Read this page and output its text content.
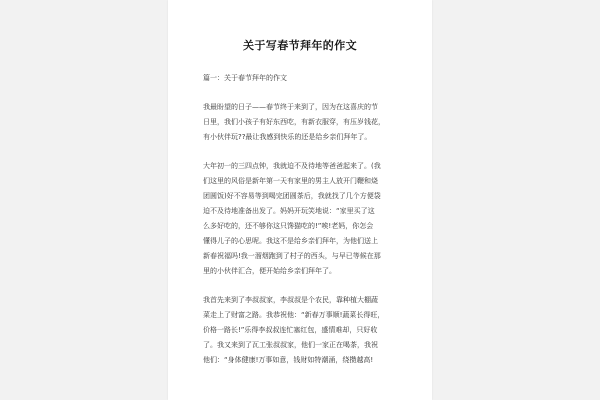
关于写春节拜年的作文
篇一：关于春节拜年的作文
我最盼望的日子——春节终于来到了，因为在这喜庆的节
日里，我们小孩子有好东西吃，有新衣服穿，有压岁钱花，
有小伙伴玩??最让我感到快乐的还是给乡亲们拜年了。
大年初一的三四点钟，我就迫不及待地等爸爸起来了。(我
们这里的风俗是新年第一天有家里的男主人放开门鞭和烧
团圆饭)好不容易等到喝完团圆茶后，我就找了几个方便袋
迫不及待地准备出发了。妈妈开玩笑地说：“家里买了这
么多好吃的，还不够你这只馋猫吃的!”唉!老妈，你怎会
懂得儿子的心思呢。我这不是给乡亲们拜年，为他们送上
新春祝福吗!我一溜烟跑到了村子的西头，与早已等候在那
里的小伙伴汇合，便开始给乡亲们拜年了。
我首先来到了李叔叔家，李叔叔是个农民，靠种植大棚蔬
菜走上了财富之路。我恭祝他：“新春万事顺!蔬菜长得旺，
价格一路长!”乐得李叔叔连忙塞红包，盛情难却，只好收
了。我又来到了瓦工张叔叔家，他们一家正在喝茶，我祝
他们：“身体健康!万事如意，钱财如特潮涌，绕攒越高!
